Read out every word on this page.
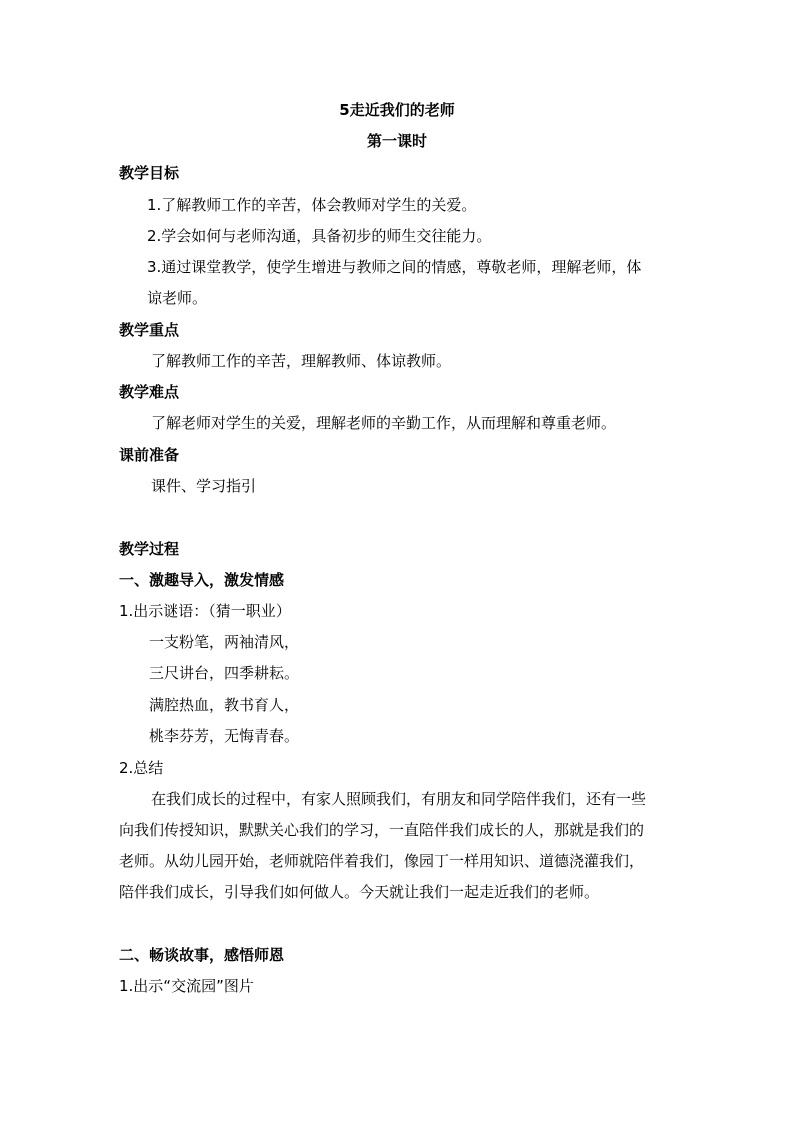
5走近我们的老师
第一课时
教学目标
1.了解教师工作的辛苦，体会教师对学生的关爱。
2.学会如何与老师沟通，具备初步的师生交往能力。
3.通过课堂教学，使学生增进与教师之间的情感，尊敬老师，理解老师，体
谅老师。
教学重点
了解教师工作的辛苦，理解教师、体谅教师。
教学难点
了解老师对学生的关爱，理解老师的辛勤工作，从而理解和尊重老师。
课前准备
课件、学习指引
教学过程
一、激趣导入，激发情感
1.出示谜语：（猜一职业）
一支粉笔，两袖清风，
三尺讲台，四季耕耘。
满腔热血，教书育人，
桃李芬芳，无悔青春。
2.总结
在我们成长的过程中，有家人照顾我们，有朋友和同学陪伴我们，还有一些
向我们传授知识，默默关心我们的学习，一直陪伴我们成长的人，那就是我们的
老师。从幼儿园开始，老师就陪伴着我们，像园丁一样用知识、道德浇灌我们，
陪伴我们成长，引导我们如何做人。今天就让我们一起走近我们的老师。
二、畅谈故事，感悟师恩
1.出示“交流园”图片
